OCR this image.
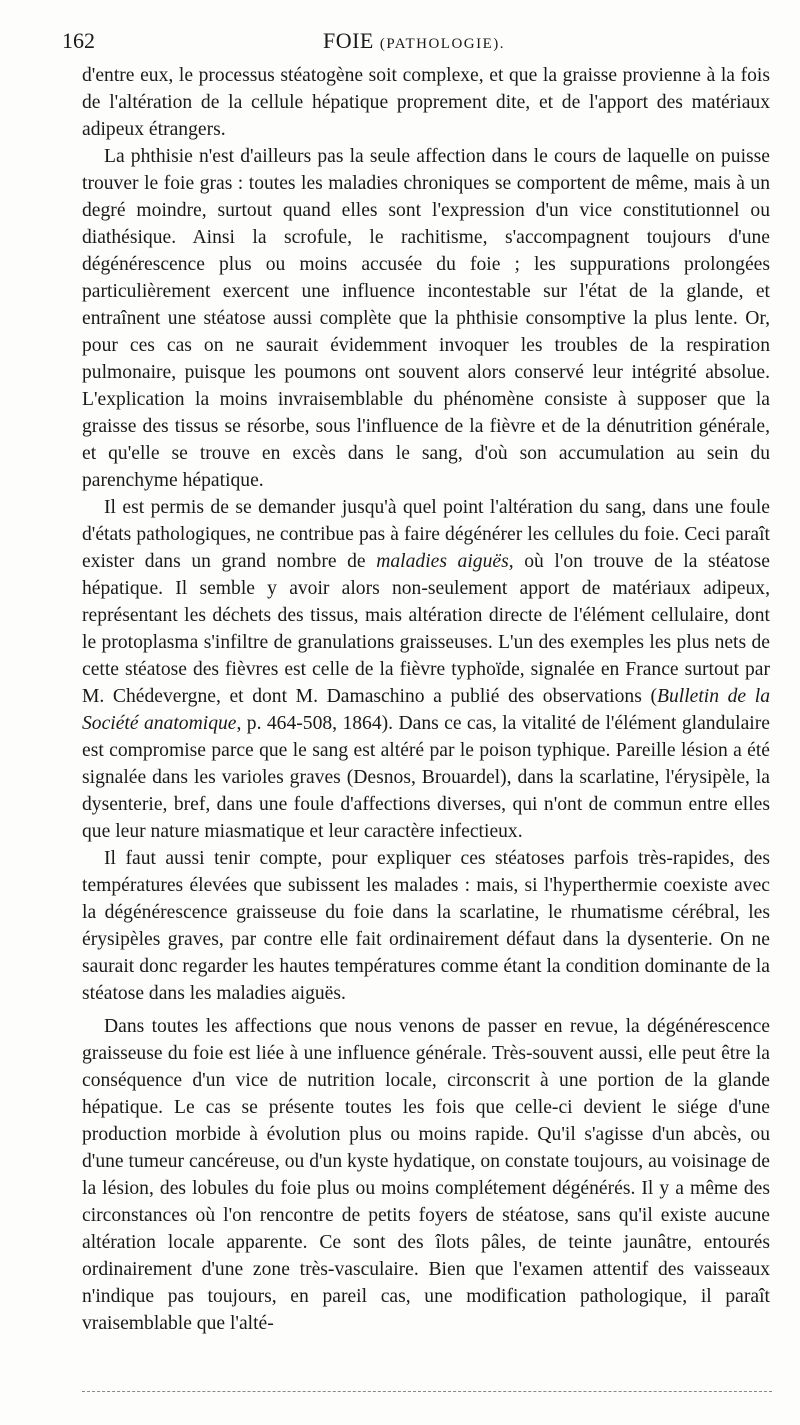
162	FOIE (PATHOLOGIE).

d'entre eux, le processus stéatogène soit complexe, et que la graisse provienne à la fois de l'altération de la cellule hépatique proprement dite, et de l'apport des matériaux adipeux étrangers.

La phthisie n'est d'ailleurs pas la seule affection dans le cours de laquelle on puisse trouver le foie gras : toutes les maladies chroniques se comportent de même, mais à un degré moindre, surtout quand elles sont l'expression d'un vice constitutionnel ou diathésique. Ainsi la scrofule, le rachitisme, s'accompagnent toujours d'une dégénérescence plus ou moins accusée du foie ; les suppurations prolongées particulièrement exercent une influence incontestable sur l'état de la glande, et entraînent une stéatose aussi complète que la phthisie consomptive la plus lente. Or, pour ces cas on ne saurait évidemment invoquer les troubles de la respiration pulmonaire, puisque les poumons ont souvent alors conservé leur intégrité absolue. L'explication la moins invraisemblable du phénomène consiste à supposer que la graisse des tissus se résorbe, sous l'influence de la fièvre et de la dénutrition générale, et qu'elle se trouve en excès dans le sang, d'où son accumulation au sein du parenchyme hépatique.

Il est permis de se demander jusqu'à quel point l'altération du sang, dans une foule d'états pathologiques, ne contribue pas à faire dégénérer les cellules du foie. Ceci paraît exister dans un grand nombre de maladies aiguës, où l'on trouve de la stéatose hépatique. Il semble y avoir alors non-seulement apport de matériaux adipeux, représentant les déchets des tissus, mais altération directe de l'élément cellulaire, dont le protoplasma s'infiltre de granulations graisseuses. L'un des exemples les plus nets de cette stéatose des fièvres est celle de la fièvre typhoïde, signalée en France surtout par M. Chédevergne, et dont M. Damaschino a publié des observations (Bulletin de la Société anatomique, p. 464-508, 1864). Dans ce cas, la vitalité de l'élément glandulaire est compromise parce que le sang est altéré par le poison typhique. Pareille lésion a été signalée dans les varioles graves (Desnos, Brouardel), dans la scarlatine, l'érysipèle, la dysenterie, bref, dans une foule d'affections diverses, qui n'ont de commun entre elles que leur nature miasmatique et leur caractère infectieux.

Il faut aussi tenir compte, pour expliquer ces stéatoses parfois très-rapides, des températures élevées que subissent les malades : mais, si l'hyperthermie coexiste avec la dégénérescence graisseuse du foie dans la scarlatine, le rhumatisme cérébral, les érysipèles graves, par contre elle fait ordinairement défaut dans la dysenterie. On ne saurait donc regarder les hautes températures comme étant la condition dominante de la stéatose dans les maladies aiguës.

Dans toutes les affections que nous venons de passer en revue, la dégénérescence graisseuse du foie est liée à une influence générale. Très-souvent aussi, elle peut être la conséquence d'un vice de nutrition locale, circonscrit à une portion de la glande hépatique. Le cas se présente toutes les fois que celle-ci devient le siége d'une production morbide à évolution plus ou moins rapide. Qu'il s'agisse d'un abcès, ou d'une tumeur cancéreuse, ou d'un kyste hydatique, on constate toujours, au voisinage de la lésion, des lobules du foie plus ou moins complétement dégénérés. Il y a même des circonstances où l'on rencontre de petits foyers de stéatose, sans qu'il existe aucune altération locale apparente. Ce sont des îlots pâles, de teinte jaunâtre, entourés ordinairement d'une zone très-vasculaire. Bien que l'examen attentif des vaisseaux n'indique pas toujours, en pareil cas, une modification pathologique, il paraît vraisemblable que l'alté-
